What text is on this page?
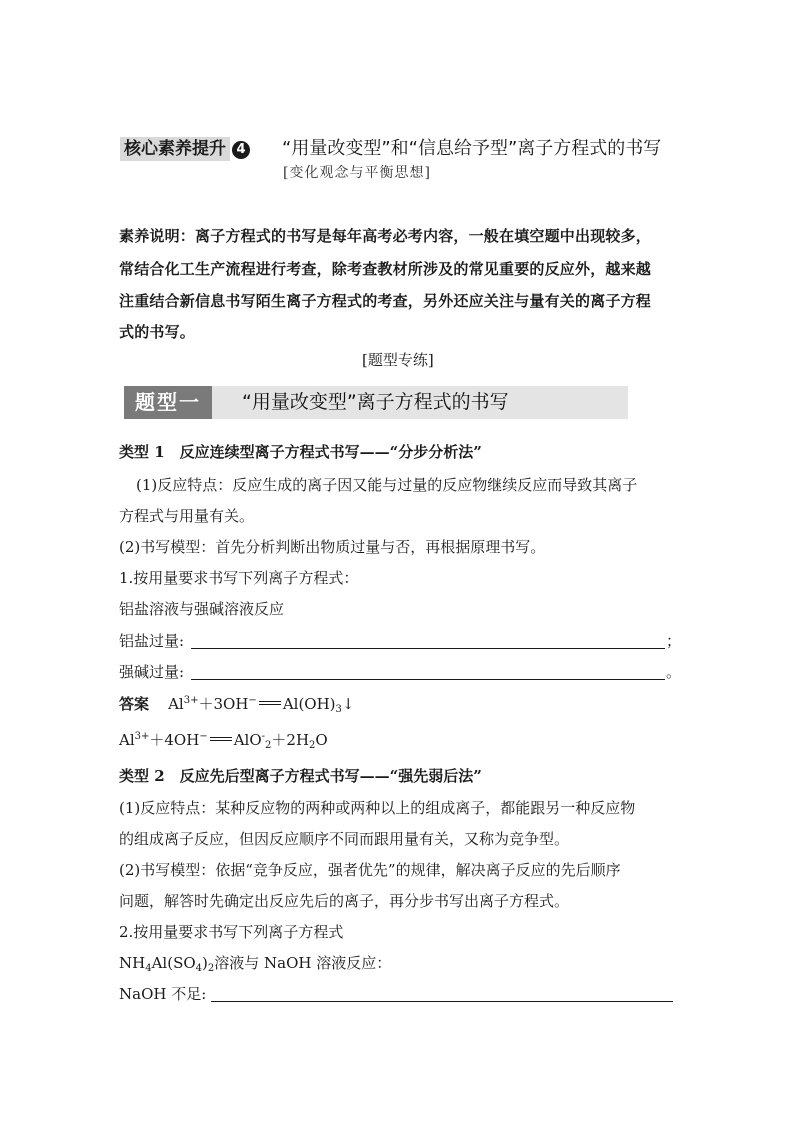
核心素养提升 4 “用量改变型”和“信息给予型”离子方程式的书写
[变化观念与平衡思想]
素养说明：离子方程式的书写是每年高考必考内容，一般在填空题中出现较多，
常结合化工生产流程进行考查，除考查教材所涉及的常见重要的反应外，越来越
注重结合新信息书写陌生离子方程式的考查，另外还应关注与量有关的离子方程
式的书写。
[题型专练]
题型一	“用量改变型”离子方程式的书写
类型 1　反应连续型离子方程式书写——“分步分析法”
(1)反应特点：反应生成的离子因又能与过量的反应物继续反应而导致其离子
方程式与用量有关。
(2)书写模型：首先分析判断出物质过量与否，再根据原理书写。
1.按用量要求书写下列离子方程式：
铝盐溶液与强碱溶液反应
铝盐过量:	；
强碱过量:	。
答案 $Al^{3+}+3OH^-$ $Al(OH)_3↓$
$Al^{3+}+4OH^-$ $AlO^-_2+2H_2O$
类型 2　反应先后型离子方程式书写——“强先弱后法”
(1)反应特点：某种反应物的两种或两种以上的组成离子，都能跟另一种反应物
的组成离子反应，但因反应顺序不同而跟用量有关，又称为竞争型。
(2)书写模型：依据“竞争反应，强者优先”的规律，解决离子反应的先后顺序
问题，解答时先确定出反应先后的离子，再分步书写出离子方程式。
2.按用量要求书写下列离子方程式
$NH_4Al(SO_4)_2$溶液与 NaOH 溶液反应：
NaOH 不足:
